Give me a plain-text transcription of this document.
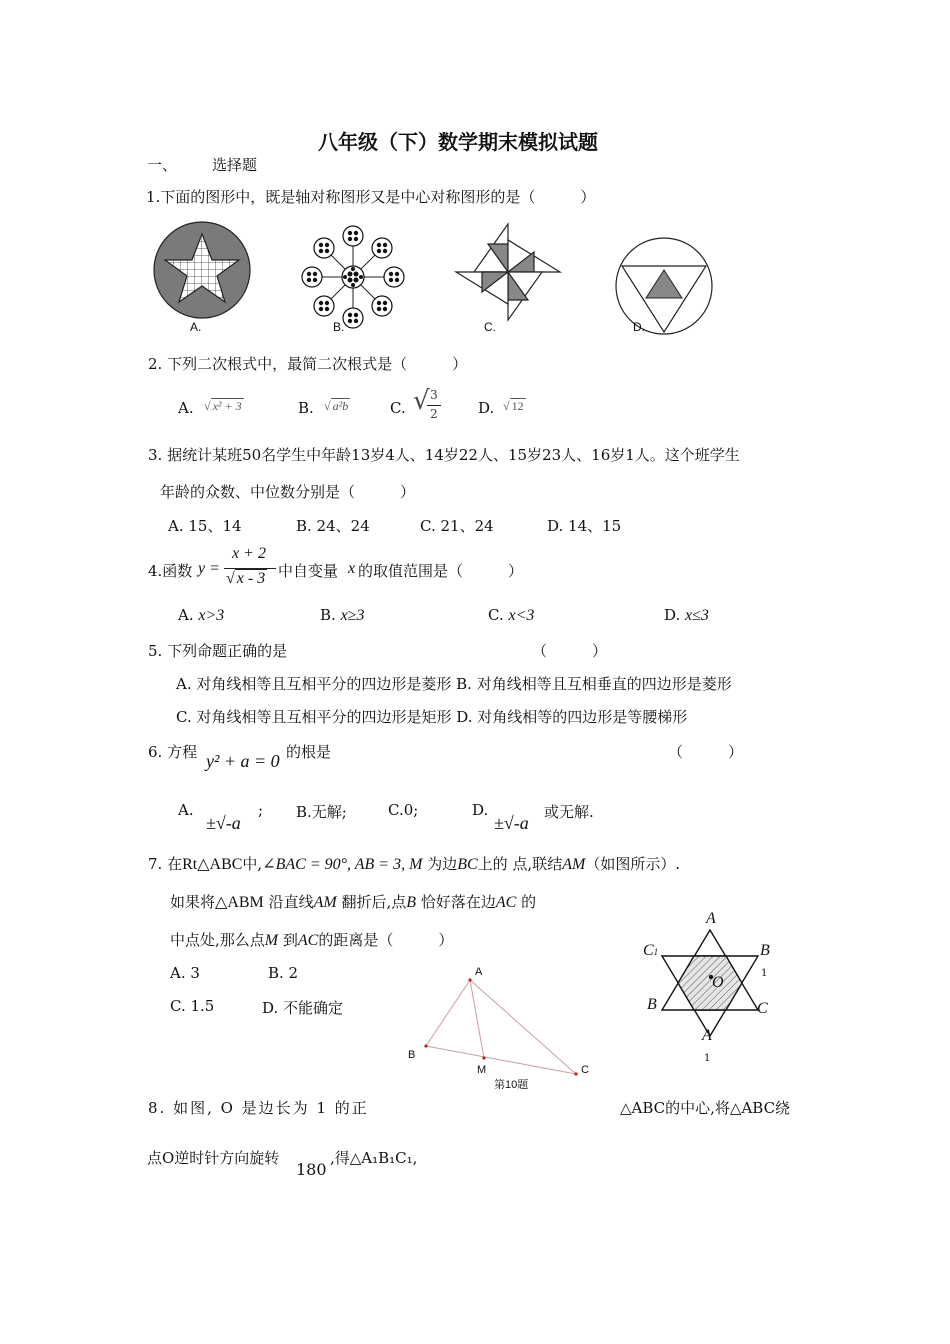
八年级（下）数学期末模拟试题
一、 选择题
1.下面的图形中，既是轴对称图形又是中心对称图形的是（　　　）
A.	B.	C.	D.
2. 下列二次根式中，最简二次根式是（　　　）
A. √ x² + 3	B. √ a²b	C. √ 3
2	D. √ 12
3. 据统计某班50名学生中年龄13岁4人、14岁22人、15岁23人、16岁1人。这个班学生
年龄的众数、中位数分别是（　　　）
A. 15、14	B. 24、24	C. 21、24	D. 14、15
4.函数 y =
x + 2
√ x - 3 中自变量 x 的取值范围是（　　　）
A. x>3	B. x≥3	C. x<3	D. x≤3
5. 下列命题正确的是	（　　　）
A. 对角线相等且互相平分的四边形是菱形 B. 对角线相等且互相垂直的四边形是菱形
C. 对角线相等且互相平分的四边形是矩形 D. 对角线相等的四边形是等腰梯形
6. 方程 y² + a = 0 的根是	（　　　）
A.
±√-a
; B.无解;	C.0;	D.
±√-a
或无解.
7. 在Rt△ABC中,∠BAC = 90°, AB = 3, M 为边BC上的 点,联结AM（如图所示）.
如果将△ABM 沿直线AM 翻折后,点B 恰好落在边AC 的
中点处,那么点M 到AC的距离是（　　　）
A. 3	B. 2
C. 1.5	D. 不能确定
A
B
M	C
第10题
A
C1	B
1
O
B	C
A
1
8. 如图, O 是边长为 1 的正	△ABC的中心,将△ABC绕
点O逆时针方向旋转
180
,得△A₁B₁C₁,
